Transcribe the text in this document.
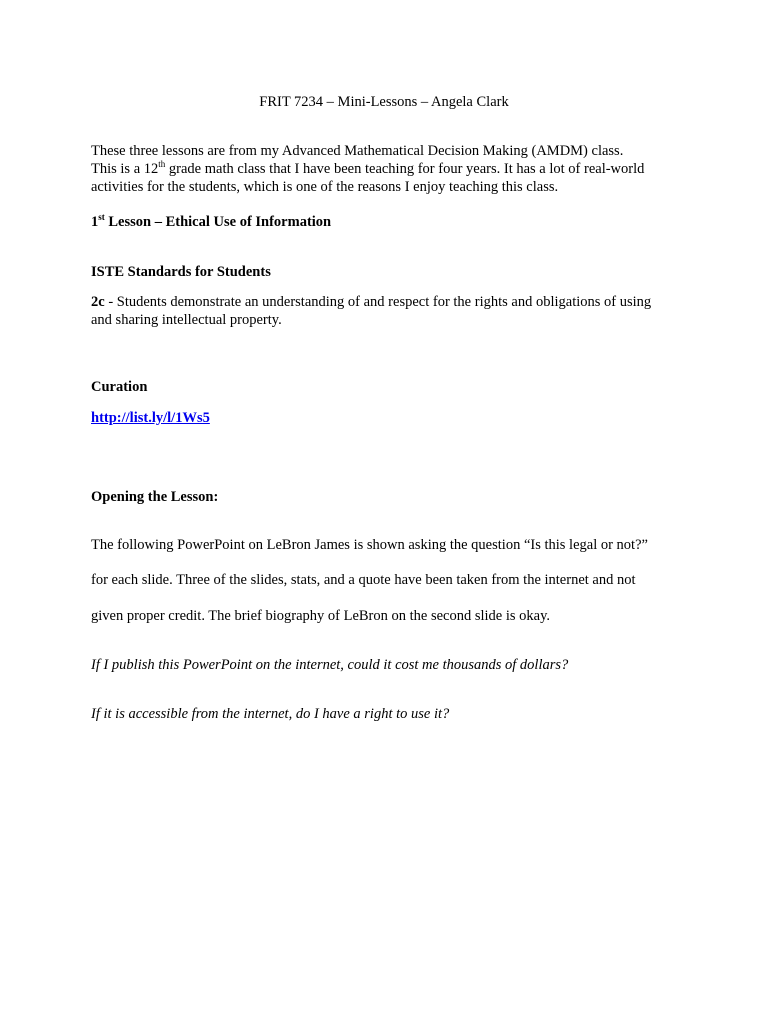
FRIT 7234 – Mini-Lessons – Angela Clark
These three lessons are from my Advanced Mathematical Decision Making (AMDM) class.
This is a 12th grade math class that I have been teaching for four years. It has a lot of real-world
activities for the students, which is one of the reasons I enjoy teaching this class.
1st Lesson – Ethical Use of Information
ISTE Standards for Students
2c - Students demonstrate an understanding of and respect for the rights and obligations of using
and sharing intellectual property.
Curation
http://list.ly/l/1Ws5
Opening the Lesson:
The following PowerPoint on LeBron James is shown asking the question “Is this legal or not?”
for each slide. Three of the slides, stats, and a quote have been taken from the internet and not
given proper credit. The brief biography of LeBron on the second slide is okay.
If I publish this PowerPoint on the internet, could it cost me thousands of dollars?
If it is accessible from the internet, do I have a right to use it?
